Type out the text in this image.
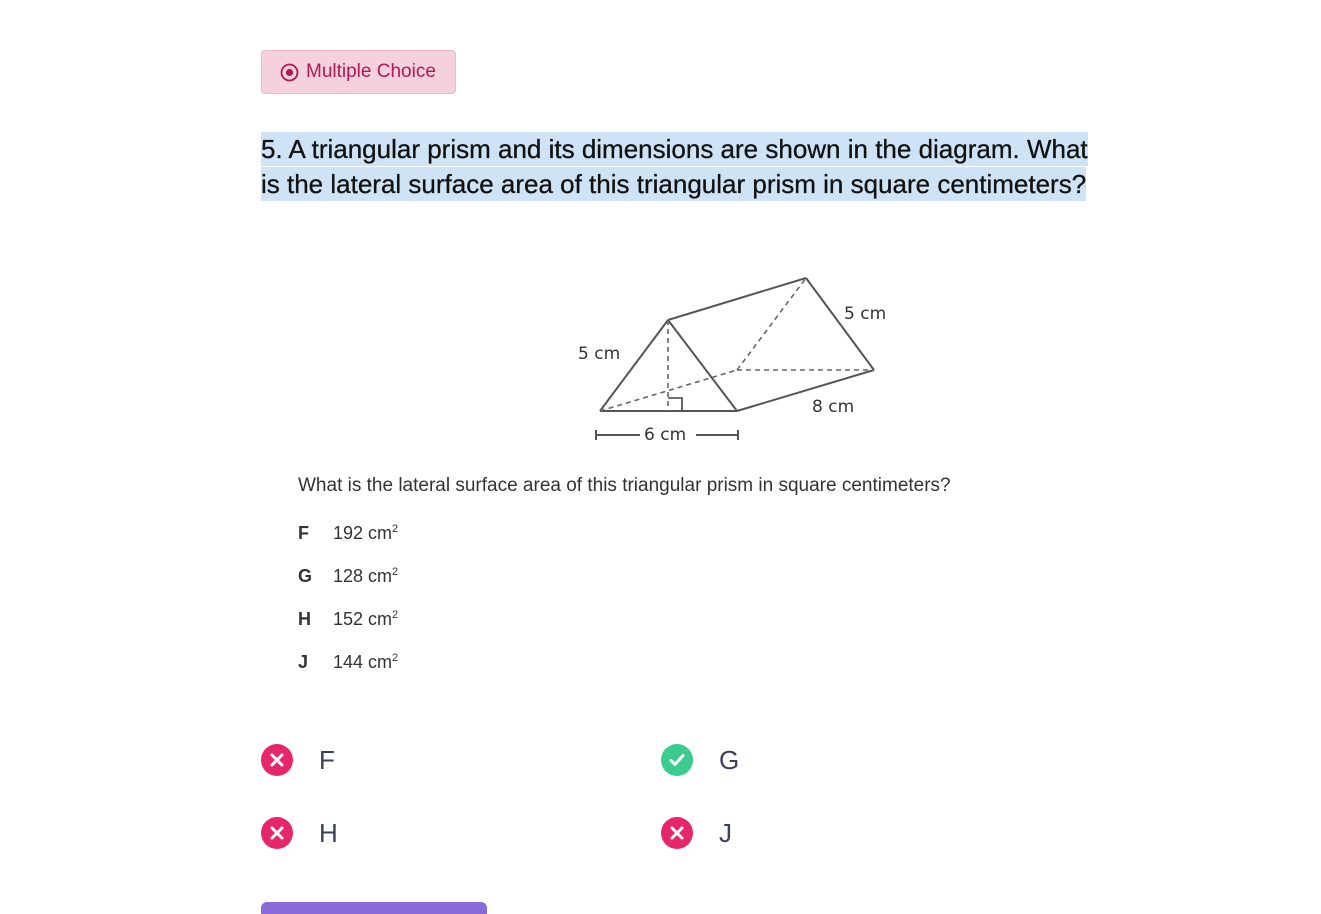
Multiple Choice
5. A triangular prism and its dimensions are shown in the diagram. What is the lateral surface area of this triangular prism in square centimeters?
5 cm
5 cm
8 cm
6 cm
What is the lateral surface area of this triangular prism in square centimeters?
F	192 $cm^2$
G	128 $cm^2$
H	152 $cm^2$
J	144 $cm^2$
F	G
H	J
